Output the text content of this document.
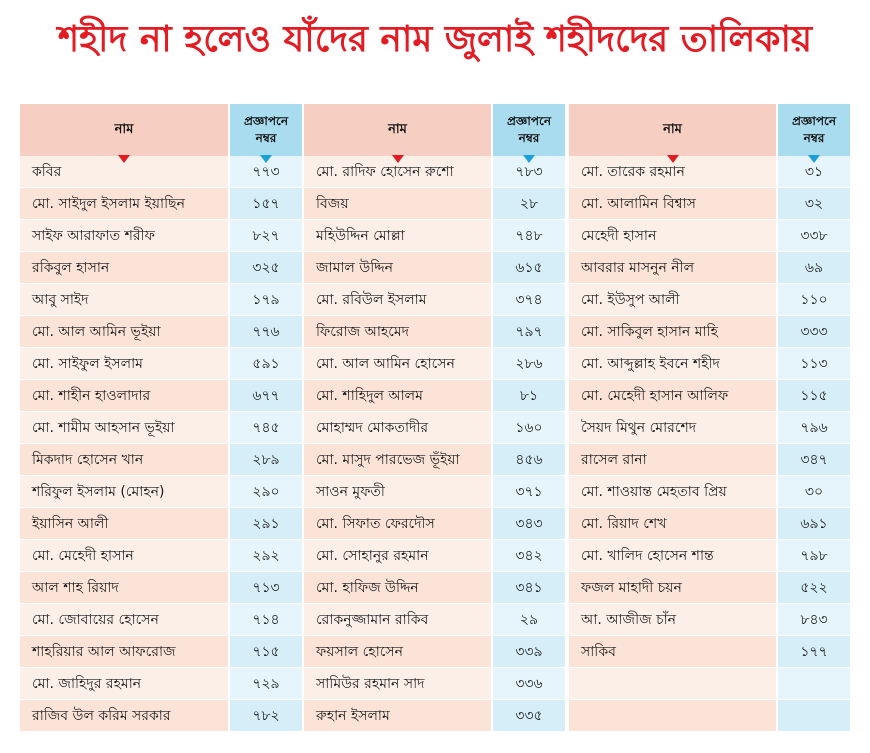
শহীদ না হলেও যাঁদের নাম জুলাই শহীদদের তালিকায়
নাম
কবির
মো. সাইদুল ইসলাম ইয়াছিন
সাইফ আরাফাত শরীফ
রকিবুল হাসান
আবু সাইদ
মো. আল আমিন ভূইয়া
মো. সাইফুল ইসলাম
মো. শাহীন হাওলাদার
মো. শামীম আহসান ভূইয়া
মিকদাদ হোসেন খান
শরিফুল ইসলাম (মোহন)
ইয়াসিন আলী
মো. মেহেদী হাসান
আল শাহ রিয়াদ
মো. জোবায়ের হোসেন
শাহরিয়ার আল আফরোজ
মো. জাহিদুর রহমান
রাজিব উল করিম সরকার
প্রজ্ঞাপনে
নম্বর
৭৭৩
১৫৭
৮২৭
৩২৫
১৭৯
৭৭৬
৫৯১
৬৭৭
৭৪৫
২৮৯
২৯০
২৯১
২৯২
৭১৩
৭১৪
৭১৫
৭২৯
৭৮২
নাম
মো. রাদিফ হোসেন রুশো
বিজয়
মহিউদ্দিন মোল্লা
জামাল উদ্দিন
মো. রবিউল ইসলাম
ফিরোজ আহমেদ
মো. আল আমিন হোসেন
মো. শাহিদুল আলম
মোহাম্মদ মোকতাদীর
মো. মাসুদ পারভেজ ভূঁইয়া
সাওন মুফতী
মো. সিফাত ফেরদৌস
মো. সোহানুর রহমান
মো. হাফিজ উদ্দিন
রোকনুজ্জামান রাকিব
ফয়সাল হোসেন
সামিউর রহমান সাদ
রুহান ইসলাম
প্রজ্ঞাপনে
নম্বর
৭৮৩
২৮
৭৪৮
৬১৫
৩৭৪
৭৯৭
২৮৬
৮১
১৬০
৪৫৬
৩৭১
৩৪৩
৩৪২
৩৪১
২৯
৩৩৯
৩৩৬
৩৩৫
নাম
মো. তারেক রহমান
মো. আলামিন বিশ্বাস
মেহেদী হাসান
আবরার মাসনুন নীল
মো. ইউসুপ আলী
মো. সাকিবুল হাসান মাহি
মো. আব্দুল্লাহ ইবনে শহীদ
মো. মেহেদী হাসান আলিফ
সৈয়দ মিথুন মোরশেদ
রাসেল রানা
মো. শাওয়ান্ত মেহতাব প্রিয়
মো. রিয়াদ শেখ
মো. খালিদ হোসেন শান্ত
ফজল মাহাদী চয়ন
আ. আজীজ চাঁন
সাকিব
প্রজ্ঞাপনে
নম্বর
৩১
৩২
৩৩৮
৬৯
১১০
৩৩৩
১১৩
১১৫
৭৯৬
৩৪৭
৩০
৬৯১
৭৯৮
৫২২
৮৪৩
১৭৭
